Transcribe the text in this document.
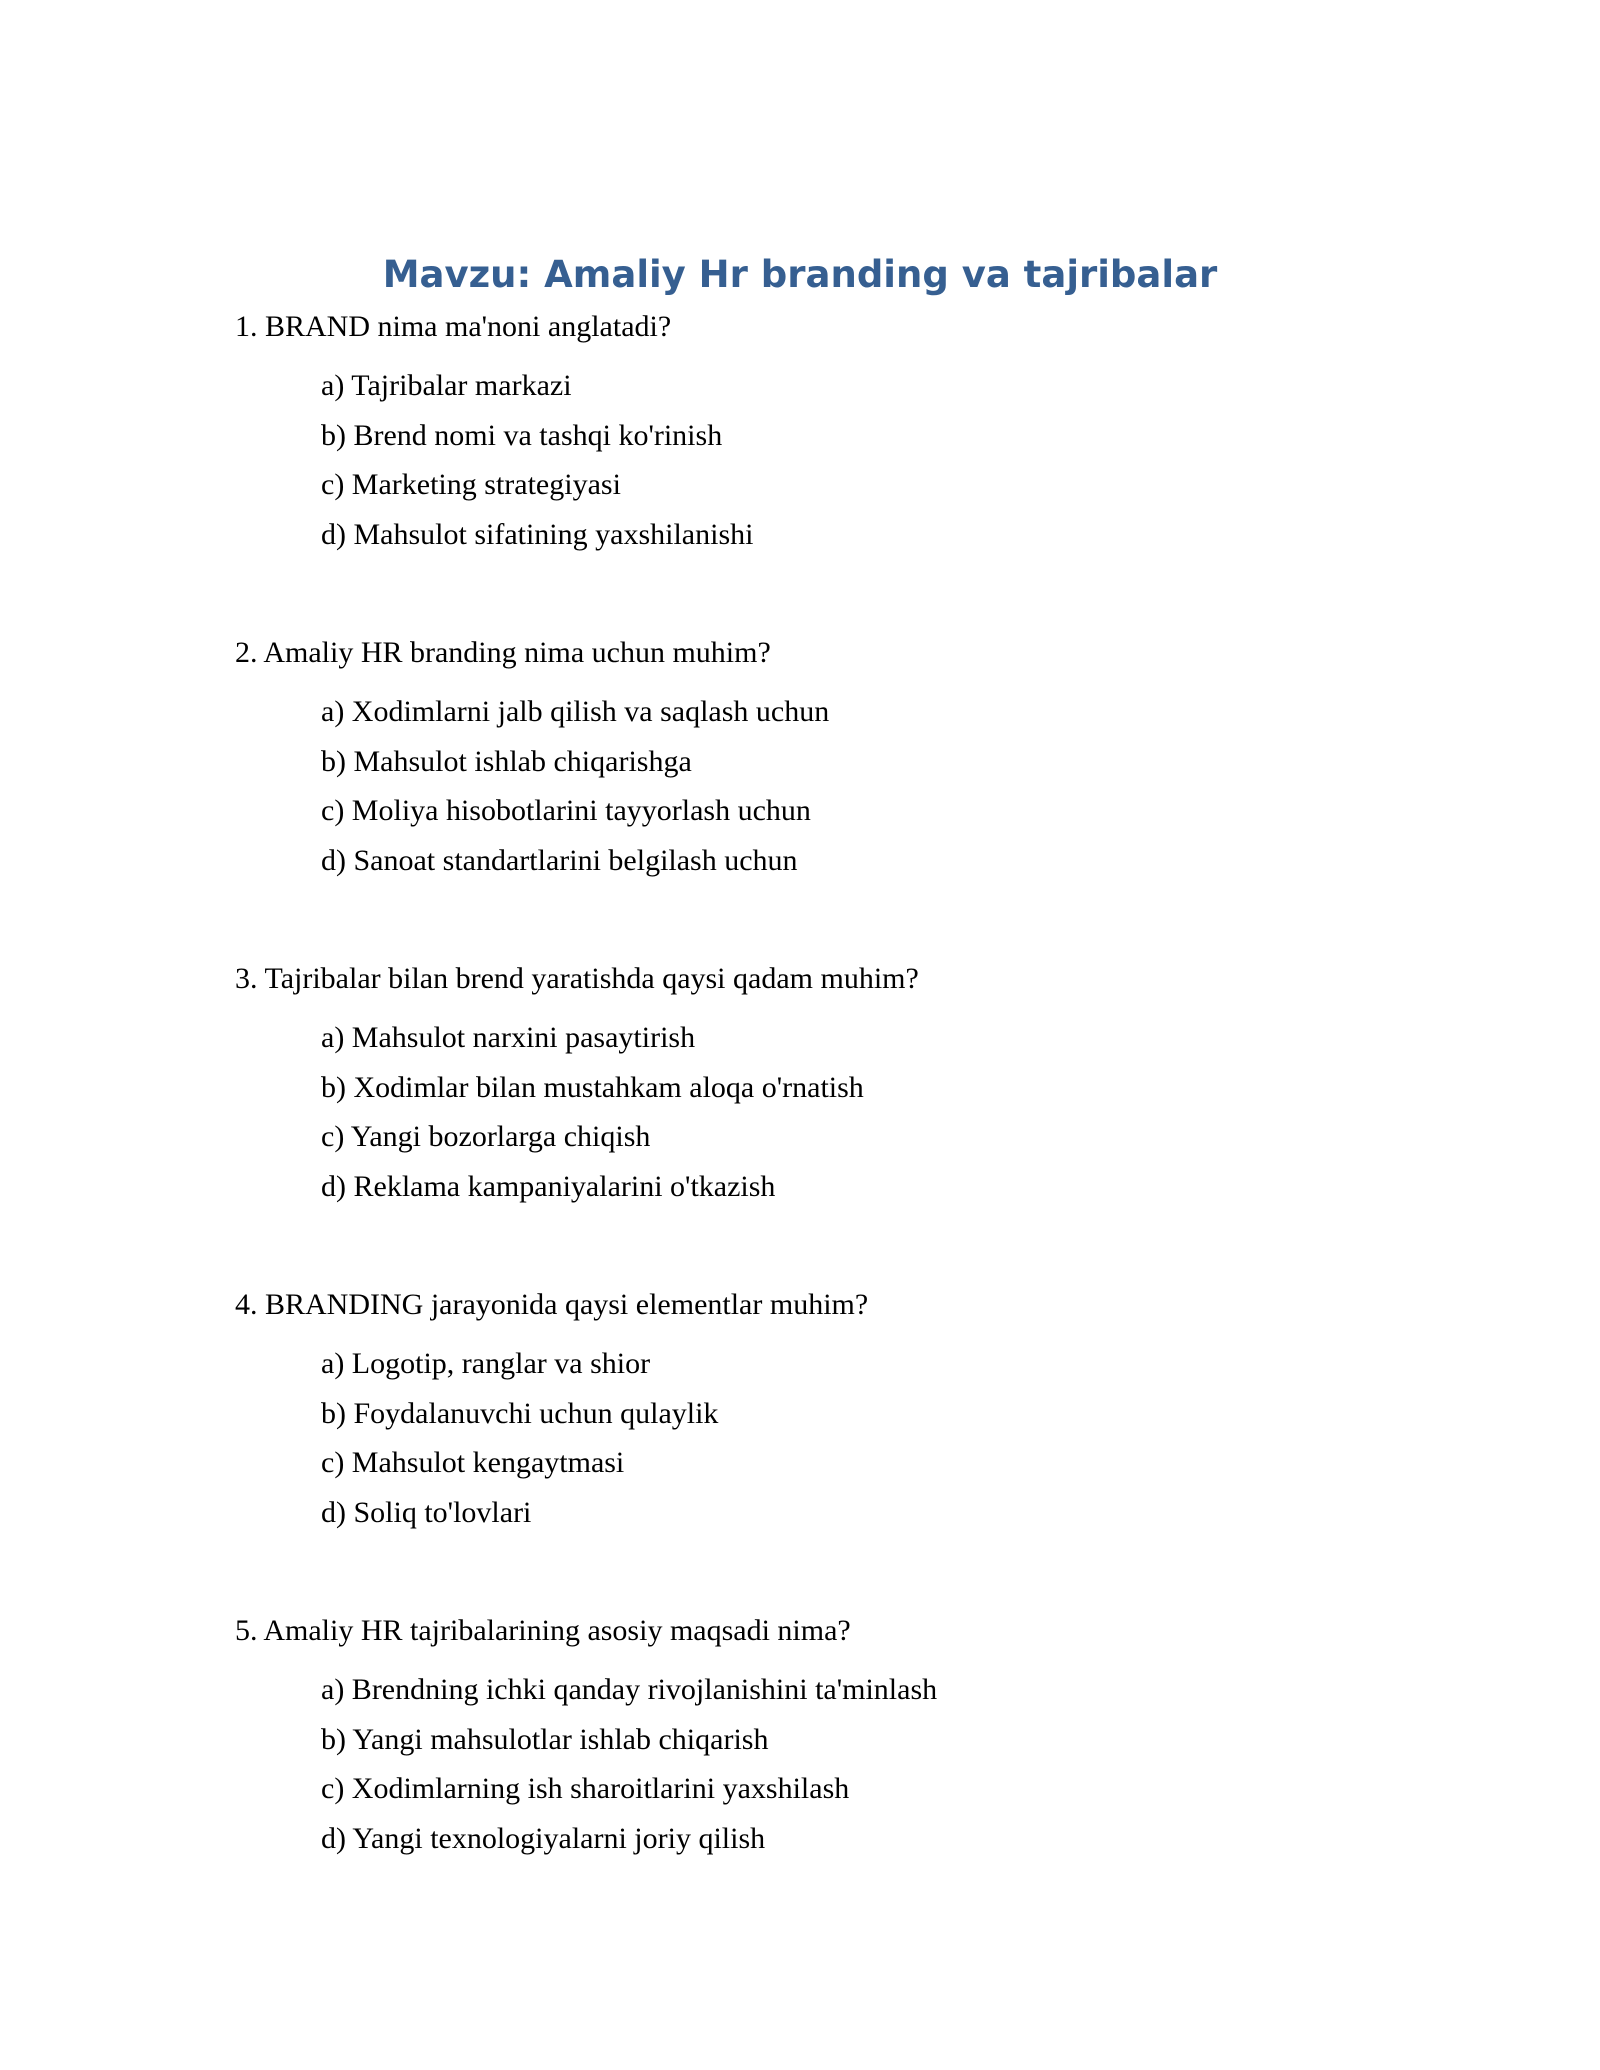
Mavzu: Amaliy Hr branding va tajribalar

1. BRAND nima ma'noni anglatadi?

a) Tajribalar markazi
b) Brend nomi va tashqi ko'rinish
c) Marketing strategiyasi
d) Mahsulot sifatining yaxshilanishi

2. Amaliy HR branding nima uchun muhim?

a) Xodimlarni jalb qilish va saqlash uchun
b) Mahsulot ishlab chiqarishga
c) Moliya hisobotlarini tayyorlash uchun
d) Sanoat standartlarini belgilash uchun

3. Tajribalar bilan brend yaratishda qaysi qadam muhim?

a) Mahsulot narxini pasaytirish
b) Xodimlar bilan mustahkam aloqa o'rnatish
c) Yangi bozorlarga chiqish
d) Reklama kampaniyalarini o'tkazish

4. BRANDING jarayonida qaysi elementlar muhim?

a) Logotip, ranglar va shior
b) Foydalanuvchi uchun qulaylik
c) Mahsulot kengaytmasi
d) Soliq to'lovlari

5. Amaliy HR tajribalarining asosiy maqsadi nima?

a) Brendning ichki qanday rivojlanishini ta'minlash
b) Yangi mahsulotlar ishlab chiqarish
c) Xodimlarning ish sharoitlarini yaxshilash
d) Yangi texnologiyalarni joriy qilish
